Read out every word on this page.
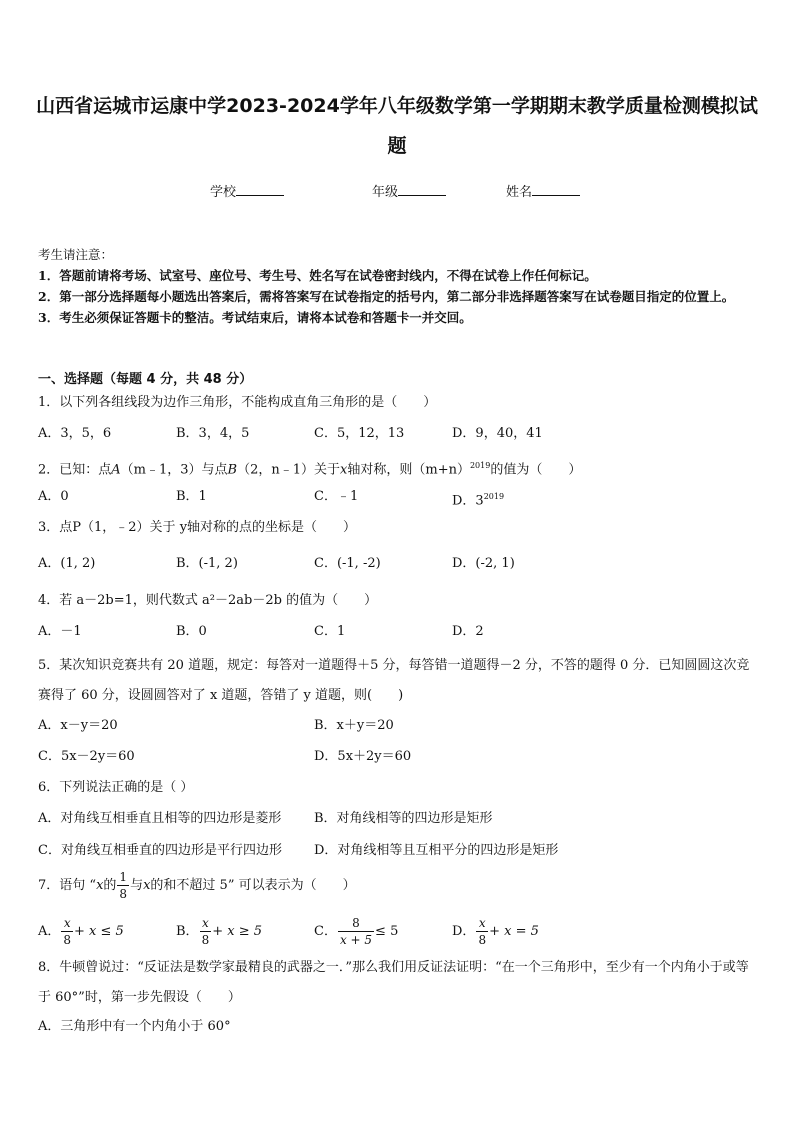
山西省运城市运康中学2023-2024学年八年级数学第一学期期末教学质量检测模拟试
题
学校	年级	姓名

考生请注意：

1．答题前请将考场、试室号、座位号、考生号、姓名写在试卷密封线内，不得在试卷上作任何标记。

2．第一部分选择题每小题选出答案后，需将答案写在试卷指定的括号内，第二部分非选择题答案写在试卷题目指定的位置上。

3．考生必须保证答题卡的整洁。考试结束后，请将本试卷和答题卡一并交回。

一、选择题（每题 4 分，共 48 分）
1．以下列各组线段为边作三角形，不能构成直角三角形的是（　　）
A．3，5，6	B．3，4，5	C．5，12，13	D．9，40，41
2．已知：点A（m﹣1，3）与点B（2，n﹣1）关于x轴对称，则$(m+n)^{2019}$的值为（　　）
A．0	B．1	C．﹣1	D．$3^{2019}$
3．点P（1，﹣2）关于 y轴对称的点的坐标是（　　）
A．(1, 2)	B．(-1, 2)	C．(-1, -2)	D．(-2, 1)
4．若 a－2b=1，则代数式 a²－2ab－2b 的值为（　　）
A．－1	B．0	C．1	D．2
5．某次知识竞赛共有 20 道题，规定：每答对一道题得＋5 分，每答错一道题得－2 分，不答的题得 0 分．已知圆圆这次竞赛得了 60 分，设圆圆答对了 x 道题，答错了 y 道题，则(　　)
A．x－y＝20	B．x＋y＝20
C．5x－2y＝60	D．5x＋2y＝60
6．下列说法正确的是（ ）
A．对角线互相垂直且相等的四边形是菱形	B．对角线相等的四边形是矩形
C．对角线互相垂直的四边形是平行四边形 D．对角线相等且互相平分的四边形是矩形
7．语句 “x的 $\frac{1}{8}$ 与x的和不超过 5” 可以表示为（　　）
A． $\frac{x}{8} + x \le 5$	B． $\frac{x}{8} + x \ge 5$	C． $\frac{8}{x + 5} \le 5$	D． $\frac{x}{8} + x = 5$
8．牛顿曾说过：“反证法是数学家最精良的武器之一．”那么我们用反证法证明：“在一个三角形中，至少有一个内角小于或等于 60°”时，第一步先假设（　　）
A．三角形中有一个内角小于 60°
